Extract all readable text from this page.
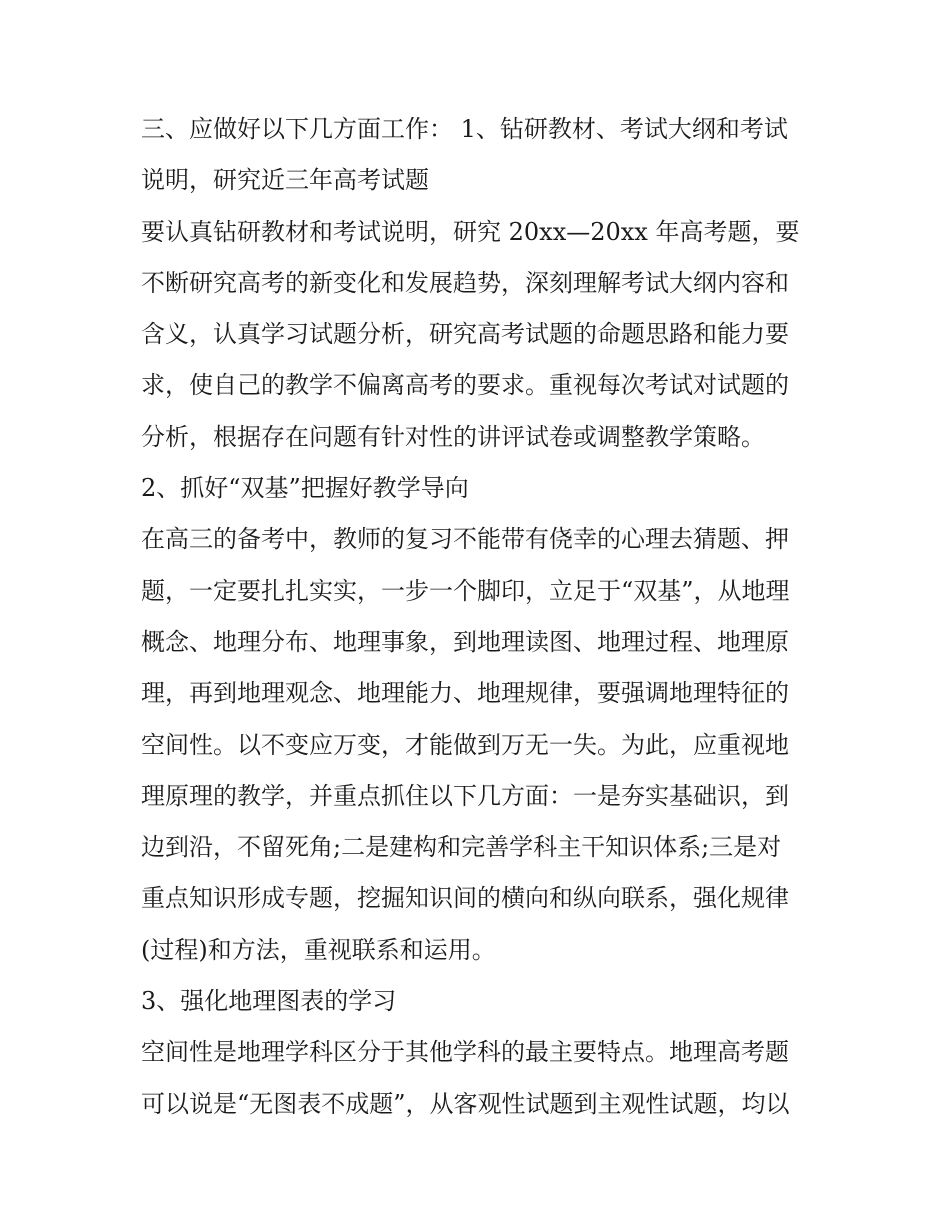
三、应做好以下几方面工作： 1、钻研教材、考试大纲和考试
说明，研究近三年高考试题
要认真钻研教材和考试说明，研究 20xx—20xx 年高考题，要
不断研究高考的新变化和发展趋势，深刻理解考试大纲内容和
含义，认真学习试题分析，研究高考试题的命题思路和能力要
求，使自己的教学不偏离高考的要求。重视每次考试对试题的
分析，根据存在问题有针对性的讲评试卷或调整教学策略。
2、抓好“双基”把握好教学导向
在高三的备考中，教师的复习不能带有侥幸的心理去猜题、押
题，一定要扎扎实实，一步一个脚印，立足于“双基”，从地理
概念、地理分布、地理事象，到地理读图、地理过程、地理原
理，再到地理观念、地理能力、地理规律，要强调地理特征的
空间性。以不变应万变，才能做到万无一失。为此，应重视地
理原理的教学，并重点抓住以下几方面：一是夯实基础识，到
边到沿，不留死角;二是建构和完善学科主干知识体系;三是对
重点知识形成专题，挖掘知识间的横向和纵向联系，强化规律
(过程)和方法，重视联系和运用。
3、强化地理图表的学习
空间性是地理学科区分于其他学科的最主要特点。地理高考题
可以说是“无图表不成题”，从客观性试题到主观性试题，均以
